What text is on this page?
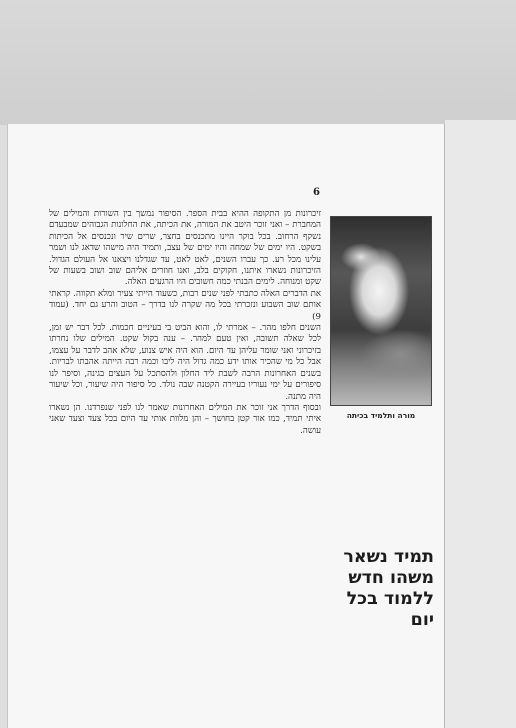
6

זיכרונות מן התקופה ההיא בבית הספר. הסיפור נמשך בין השורות והמילים של המחברת – ואני זוכר היטב את המורה, את הכיתה, את החלונות הגבוהים שמבעדם נשקף הרחוב. בכל בוקר היינו מתכנסים בחצר, שרים שיר ונכנסים אל הכיתות בשקט. היו ימים של שמחה והיו ימים של עצב, ותמיד היה מישהו שדאג לנו ושמר עלינו מכל רע. כך עברו השנים, לאט לאט, עד שגדלנו ויצאנו אל העולם הגדול. הזיכרונות נשארו איתנו, חקוקים בלב, ואנו חוזרים אליהם שוב ושוב בשעות של שקט ומנוחה. לימים הבנתי כמה חשובים היו הרגעים האלה.

את הדברים האלה כתבתי לפני שנים רבות, כשעוד הייתי צעיר ומלא תקווה. קראתי אותם שוב השבוע ונזכרתי בכל מה שקרה לנו בדרך – הטוב והרע גם יחד. (עמוד 9)

השנים חלפו מהר. – אמרתי לו, והוא הביט בי בעיניים חכמות. לכל דבר יש זמן, לכל שאלה תשובה, ואין טעם למהר. – ענה בקול שקט. המילים שלו נחרתו בזיכרוני ואני שומר עליהן עד היום. הוא היה איש צנוע, שלא אהב לדבר על עצמו, אבל כל מי שהכיר אותו ידע כמה גדול היה ליבו וכמה רבה הייתה אהבתו לבריות. בשנים האחרונות הרבה לשבת ליד החלון ולהסתכל על העצים בגינה, וסיפר לנו סיפורים על ימי נעוריו בעיירה הקטנה שבה נולד. כל סיפור היה שיעור, וכל שיעור היה מתנה.

ובסוף הדרך אני זוכר את המילים האחרונות שאמר לנו לפני שנפרדנו. הן נשארו איתי תמיד, כמו אור קטן בחושך – והן מלוות אותי עד היום בכל צעד וצעד שאני עושה.

מורה ותלמיד בכיתה

תמיד נשאר
משהו חדש
ללמוד בכל
יום
